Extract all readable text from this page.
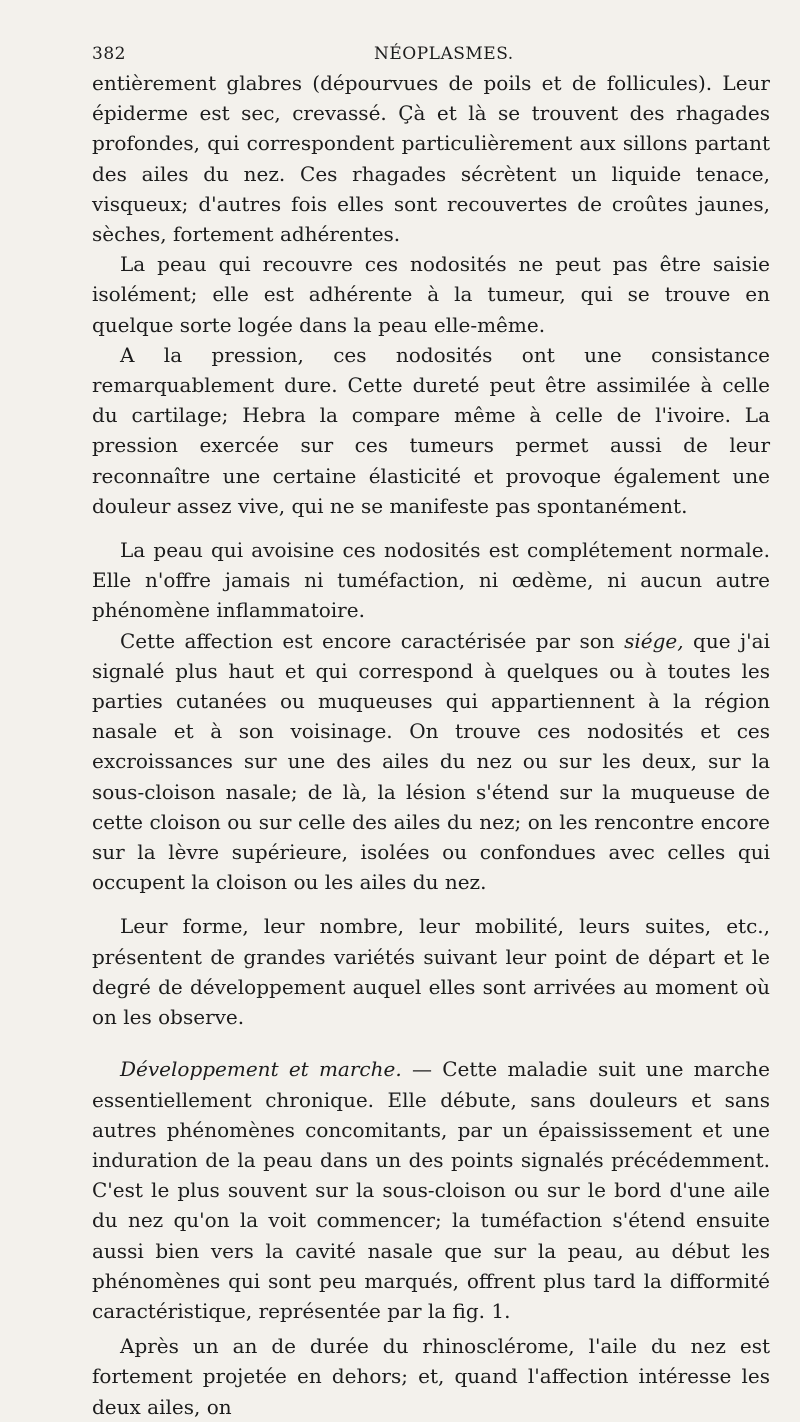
382	NÉOPLASMES.

entièrement glabres (dépourvues de poils et de follicules). Leur épiderme est sec, crevassé. Çà et là se trouvent des rhagades profondes, qui correspondent particulièrement aux sillons partant des ailes du nez. Ces rhagades sécrètent un liquide tenace, visqueux; d'autres fois elles sont recouvertes de croûtes jaunes, sèches, fortement adhérentes.

La peau qui recouvre ces nodosités ne peut pas être saisie isolément; elle est adhérente à la tumeur, qui se trouve en quelque sorte logée dans la peau elle-même.

A la pression, ces nodosités ont une consistance remarquablement dure. Cette dureté peut être assimilée à celle du cartilage; Hebra la compare même à celle de l'ivoire. La pression exercée sur ces tumeurs permet aussi de leur reconnaître une certaine élasticité et provoque également une douleur assez vive, qui ne se manifeste pas spontanément.

La peau qui avoisine ces nodosités est complétement normale. Elle n'offre jamais ni tuméfaction, ni œdème, ni aucun autre phénomène inflammatoire.

Cette affection est encore caractérisée par son siége, que j'ai signalé plus haut et qui correspond à quelques ou à toutes les parties cutanées ou muqueuses qui appartiennent à la région nasale et à son voisinage. On trouve ces nodosités et ces excroissances sur une des ailes du nez ou sur les deux, sur la sous-cloison nasale; de là, la lésion s'étend sur la muqueuse de cette cloison ou sur celle des ailes du nez; on les rencontre encore sur la lèvre supérieure, isolées ou confondues avec celles qui occupent la cloison ou les ailes du nez.

Leur forme, leur nombre, leur mobilité, leurs suites, etc., présentent de grandes variétés suivant leur point de départ et le degré de développement auquel elles sont arrivées au moment où on les observe.

Développement et marche. — Cette maladie suit une marche essentiellement chronique. Elle débute, sans douleurs et sans autres phénomènes concomitants, par un épaississement et une induration de la peau dans un des points signalés précédemment. C'est le plus souvent sur la sous-cloison ou sur le bord d'une aile du nez qu'on la voit commencer; la tuméfaction s'étend ensuite aussi bien vers la cavité nasale que sur la peau, au début les phénomènes qui sont peu marqués, offrent plus tard la difformité caractéristique, représentée par la fig. 1.

Après un an de durée du rhinosclérome, l'aile du nez est fortement projetée en dehors; et, quand l'affection intéresse les deux ailes, on
